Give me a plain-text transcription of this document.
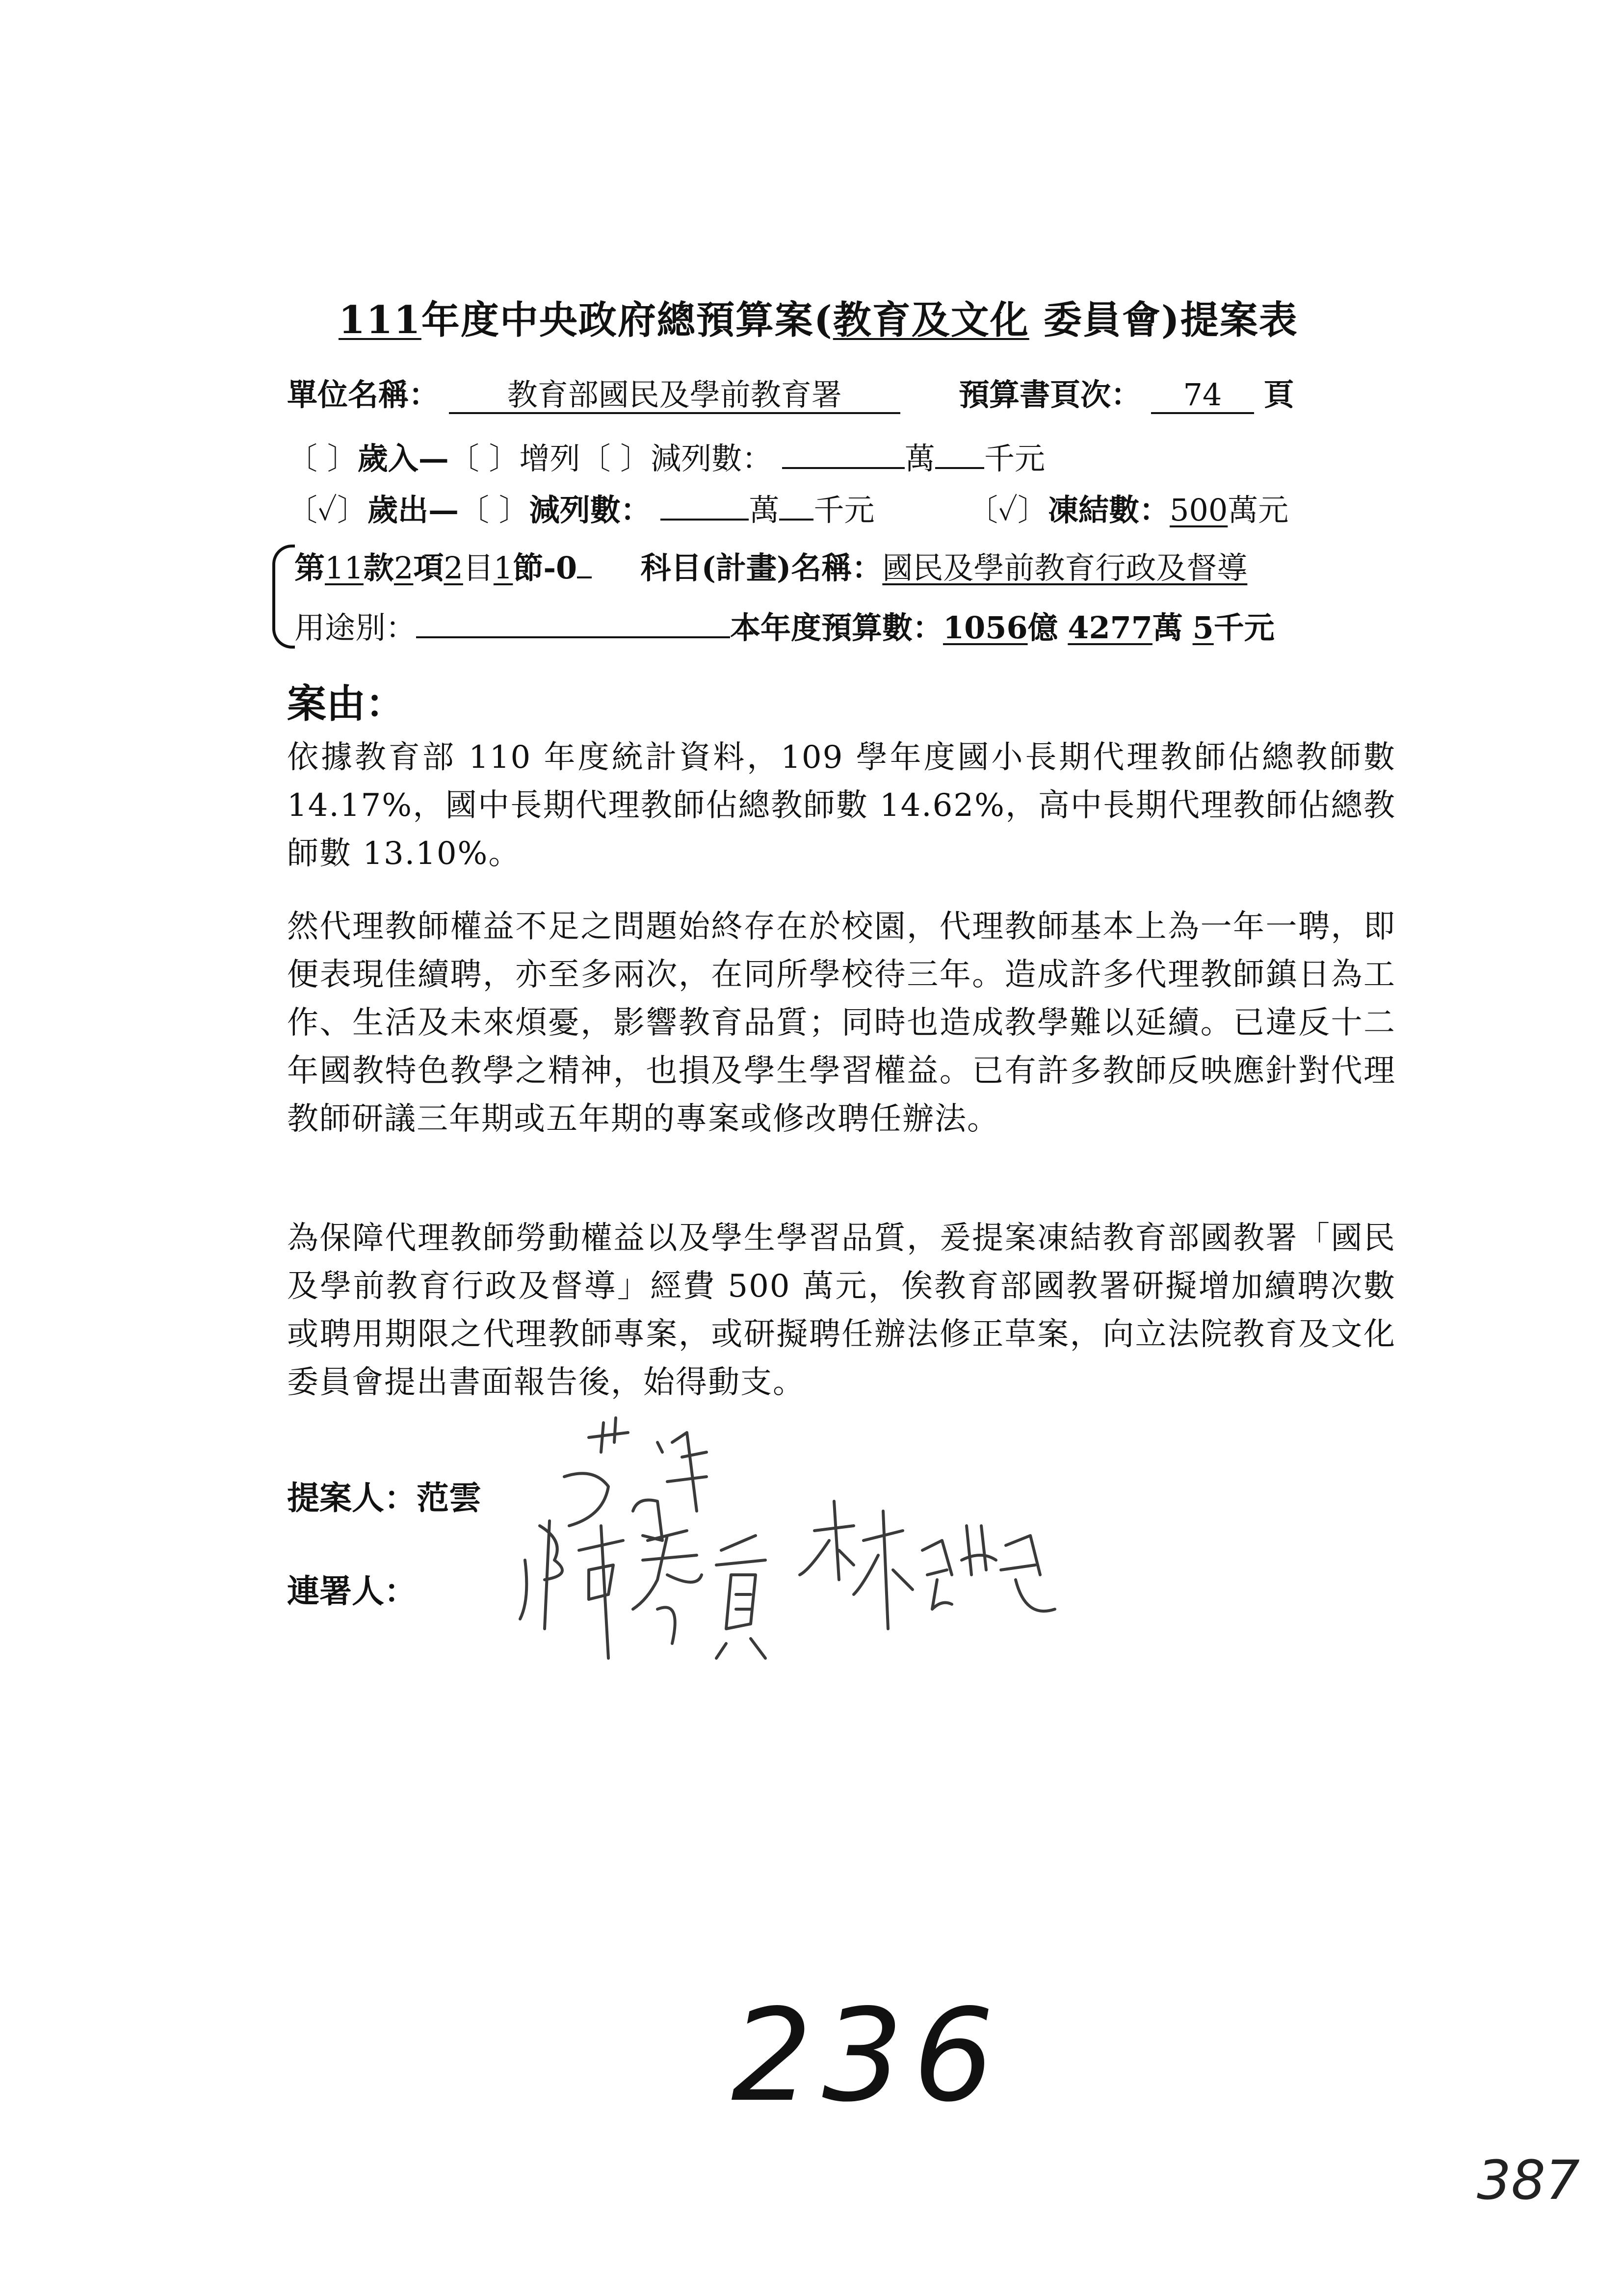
111年度中央政府總預算案(教育及文化 委員會)提案表
單位名稱： 教育部國民及學前教育署	預算書頁次： 74 頁
〔 〕歲入—〔 〕增列〔 〕減列數：	萬 千元
〔✓〕歲出—〔 〕減列數：	萬 千元	〔✓〕凍結數：500萬元
第11款2項2目1節-0 科目(計畫)名稱：國民及學前教育行政及督導
用途別：	本年度預算數：1056億 4277萬 5千元
案由：
依據教育部 110 年度統計資料，109 學年度國小長期代理教師佔總教師數 14.17%，國中長期代理教師佔總教師數 14.62%，高中長期代理教師佔總教師數 13.10%。
然代理教師權益不足之問題始終存在於校園，代理教師基本上為一年一聘，即便表現佳續聘，亦至多兩次，在同所學校待三年。造成許多代理教師鎮日為工作、生活及未來煩憂，影響教育品質；同時也造成教學難以延續。已違反十二年國教特色教學之精神，也損及學生學習權益。已有許多教師反映應針對代理教師研議三年期或五年期的專案或修改聘任辦法。
為保障代理教師勞動權益以及學生學習品質，爰提案凍結教育部國教署「國民及學前教育行政及督導」經費 500 萬元，俟教育部國教署研擬增加續聘次數或聘用期限之代理教師專案，或研擬聘任辦法修正草案，向立法院教育及文化委員會提出書面報告後，始得動支。
提案人：范雲
連署人：
236
387
